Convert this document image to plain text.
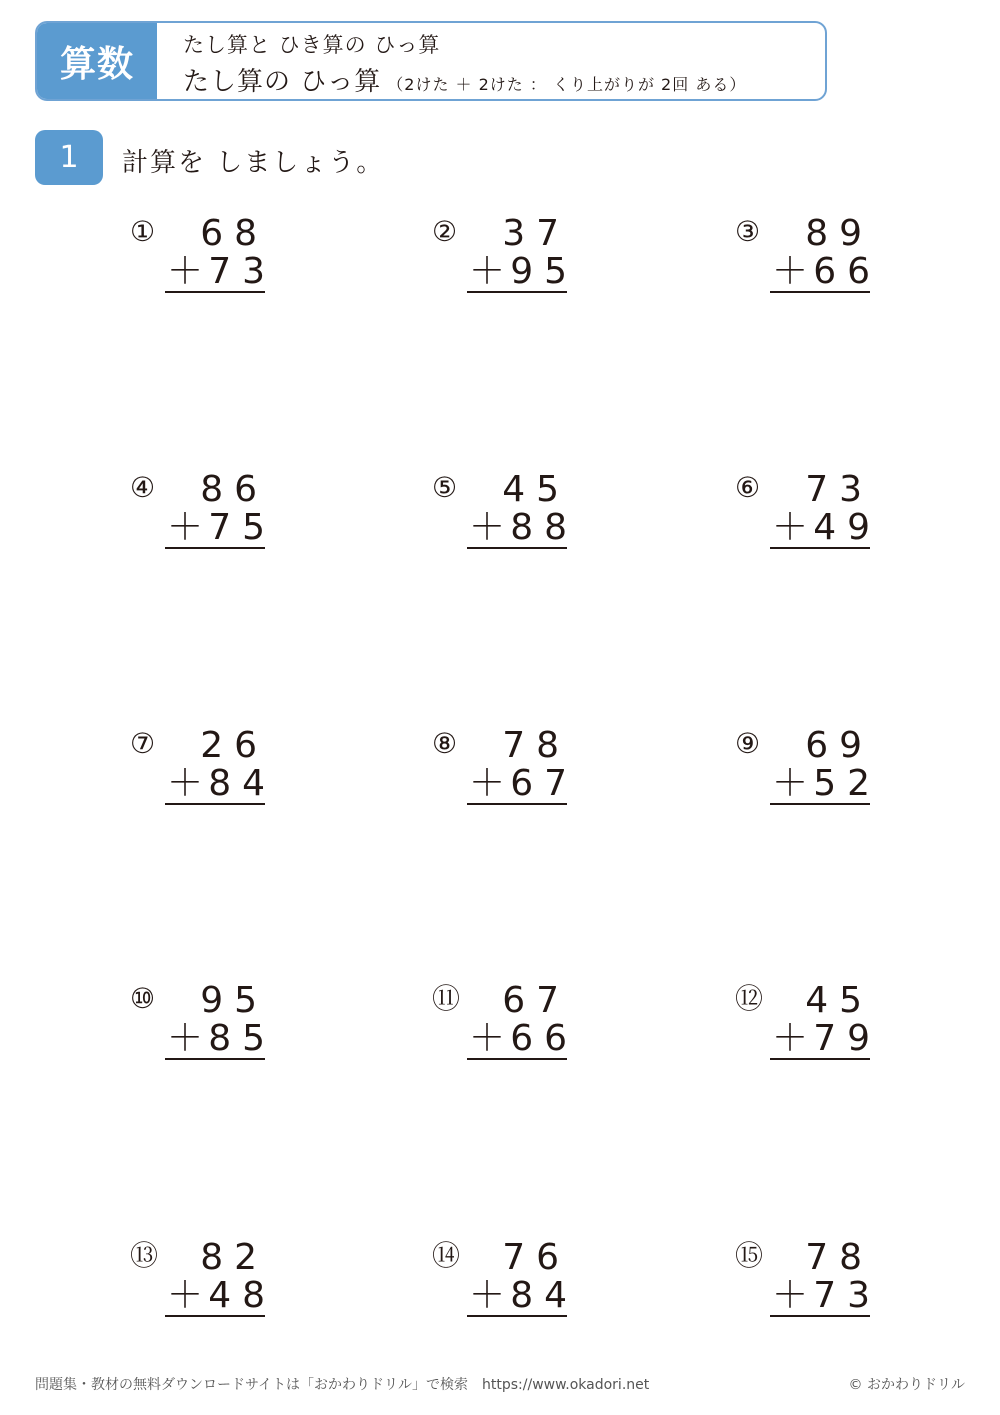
算数	たし算と ひき算の ひっ算
たし算の ひっ算 （2けた ＋ 2けた ： くり上がりが 2回 ある）
1	計算を しましょう。
① 68
＋ 73
② 37
＋ 95
③ 89
＋ 66
④ 86
＋ 75
⑤ 45
＋ 88
⑥ 73
＋ 49
⑦ 26
＋ 84
⑧ 78
＋ 67
⑨ 69
＋ 52
⑩ 95
＋ 85
⑪ 67
＋ 66
⑫ 45
＋ 79
⑬ 82
＋ 48
⑭ 76
＋ 84
⑮ 78
＋ 73
問題集・教材の無料ダウンロードサイトは「おかわりドリル」で検索　https://www.okadori.net	© おかわりドリル
